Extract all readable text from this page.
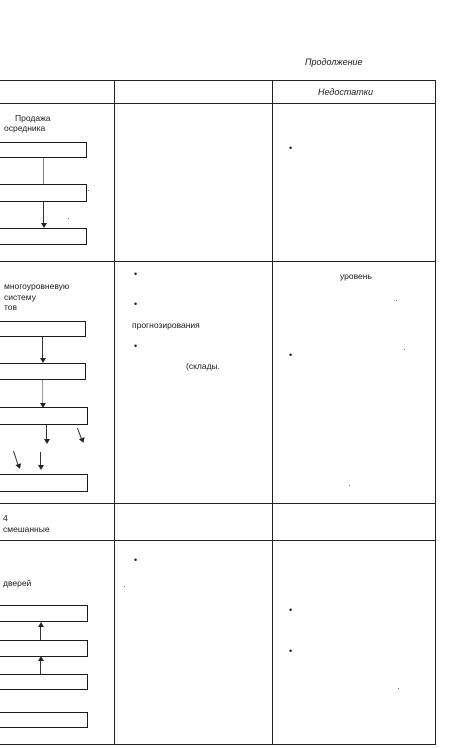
Продолжение
Недостатки
Продажа
осредника
•
многоуровневую
систему
тов
•
•
прогнозирования
•
(склады.
уровень
•
4
смешанные
•
дверей
•
•
